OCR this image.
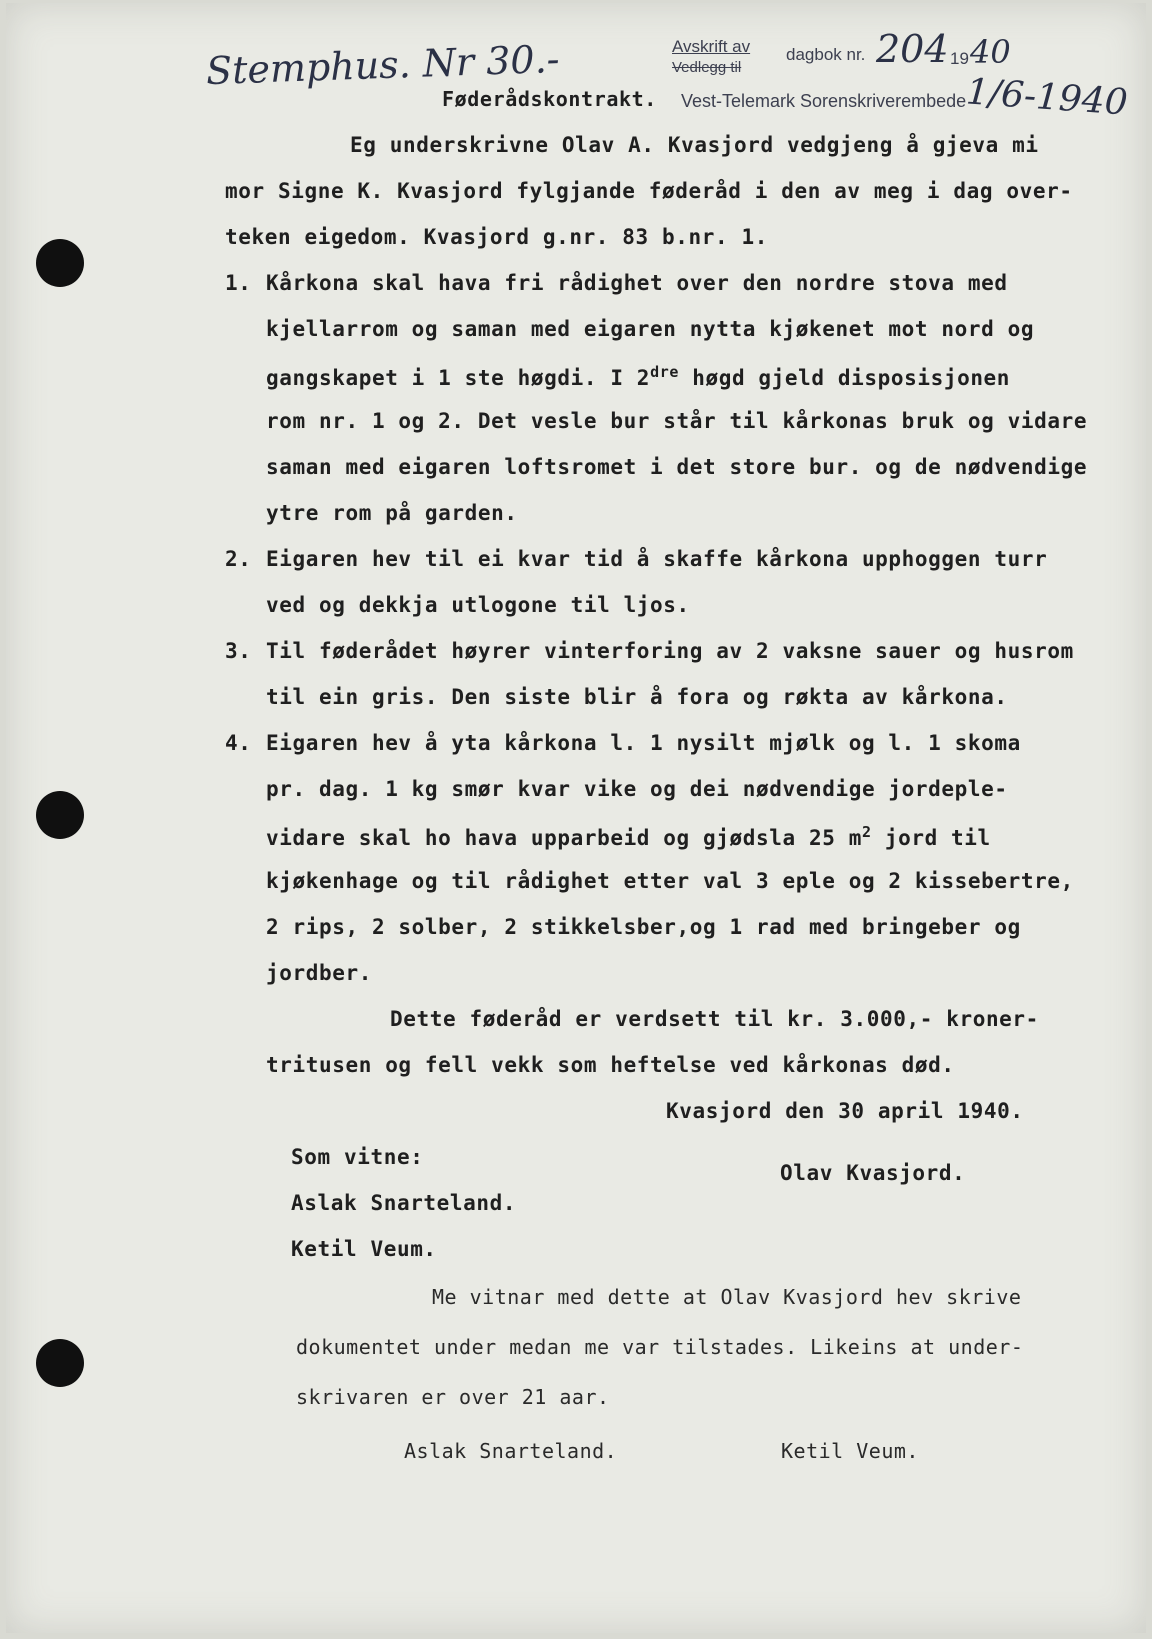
Stemphus. Nr 30.-	Avskrift av
Vedlegg til
dagbok nr. 204 19 40
Føderådskontrakt. Vest-Telemark Sorenskriverembede
1/6-1940
Eg underskrivne Olav A. Kvasjord vedgjeng å gjeva mi
mor Signe K. Kvasjord fylgjande føderåd i den av meg i dag over-
teken eigedom. Kvasjord g.nr. 83 b.nr. 1.
1. Kårkona skal hava fri rådighet over den nordre stova med
kjellarrom og saman med eigaren nytta kjøkenet mot nord og
gangskapet i 1 ste høgdi. I $2^{dre}$ høgd gjeld disposisjonen
rom nr. 1 og 2. Det vesle bur står til kårkonas bruk og vidare
saman med eigaren loftsromet i det store bur. og de nødvendige
ytre rom på garden.
2. Eigaren hev til ei kvar tid å skaffe kårkona upphoggen turr
ved og dekkja utlogone til ljos.
3. Til føderådet høyrer vinterforing av 2 vaksne sauer og husrom
til ein gris. Den siste blir å fora og røkta av kårkona.
4. Eigaren hev å yta kårkona l. 1 nysilt mjølk og l. 1 skoma
pr. dag. 1 kg smør kvar vike og dei nødvendige jordeple-
vidare skal ho hava upparbeid og gjødsla 25 $m^2$ jord til
kjøkenhage og til rådighet etter val 3 eple og 2 kissebertre,
2 rips, 2 solber, 2 stikkelsber,og 1 rad med bringeber og
jordber.
Dette føderåd er verdsett til kr. 3.000,- kroner-
tritusen og fell vekk som heftelse ved kårkonas død.
Kvasjord den 30 april 1940.
Som vitne:
Olav Kvasjord.
Aslak Snarteland.
Ketil Veum.
Me vitnar med dette at Olav Kvasjord hev skrive
dokumentet under medan me var tilstades. Likeins at under-
skrivaren er over 21 aar.
Aslak Snarteland.	Ketil Veum.
